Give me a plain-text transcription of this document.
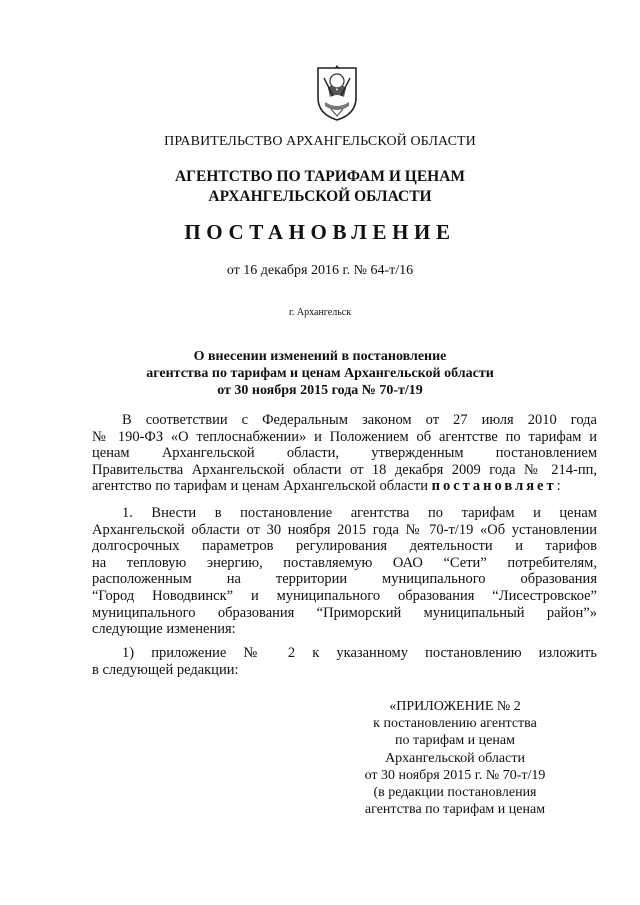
ПРАВИТЕЛЬСТВО АРХАНГЕЛЬСКОЙ ОБЛАСТИ
АГЕНТСТВО ПО ТАРИФАМ И ЦЕНАМ
АРХАНГЕЛЬСКОЙ ОБЛАСТИ
ПОСТАНОВЛЕНИЕ
от 16 декабря 2016 г. № 64-т/16
г. Архангельск
О внесении изменений в постановление
агентства по тарифам и ценам Архангельской области
от 30 ноября 2015 года № 70-т/19
В соответствии с Федеральным законом от 27 июля 2010 года
№ 190-ФЗ «О теплоснабжении» и Положением об агентстве по тарифам и
ценам Архангельской области, утвержденным постановлением
Правительства Архангельской области от 18 декабря 2009 года № 214-пп,
агентство по тарифам и ценам Архангельской области постановляет:
1. Внести в постановление агентства по тарифам и ценам
Архангельской области от 30 ноября 2015 года № 70-т/19 «Об установлении
долгосрочных параметров регулирования деятельности и тарифов
на тепловую энергию, поставляемую ОАО “Сети” потребителям,
расположенным на территории муниципального образования
“Город Новодвинск” и муниципального образования “Лисестровское”
муниципального образования “Приморский муниципальный район”»
следующие изменения:
1) приложение № 2 к указанному постановлению изложить
в следующей редакции:
«ПРИЛОЖЕНИЕ № 2
к постановлению агентства
по тарифам и ценам
Архангельской области
от 30 ноября 2015 г. № 70-т/19
(в редакции постановления
агентства по тарифам и ценам
